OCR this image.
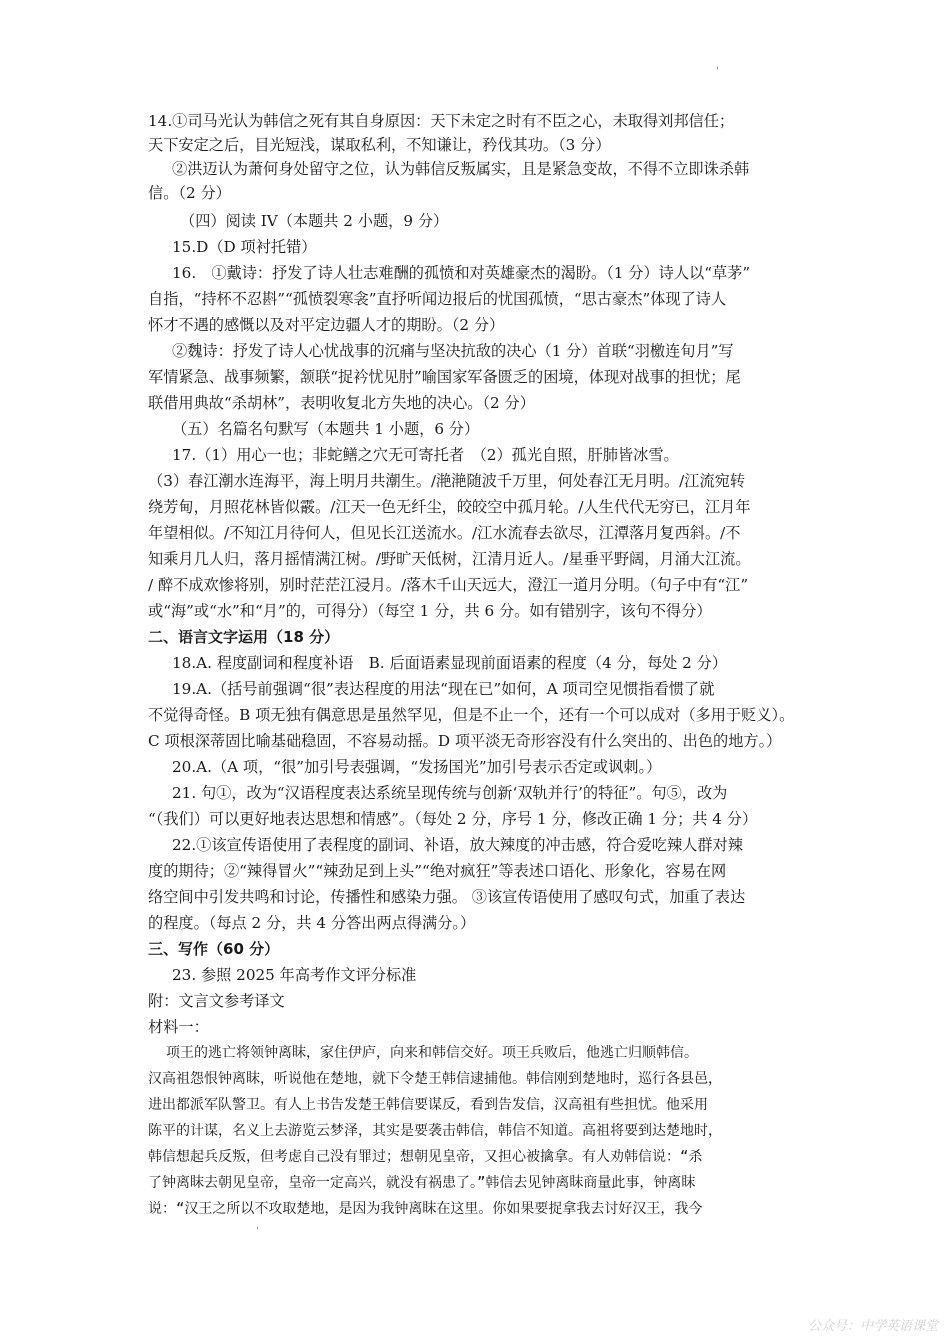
'
14.①司马光认为韩信之死有其自身原因：天下未定之时有不臣之心，未取得刘邦信任；
天下安定之后，目光短浅，谋取私利，不知谦让，矜伐其功。（3 分）
②洪迈认为萧何身处留守之位，认为韩信反叛属实，且是紧急变故，不得不立即诛杀韩
信。（2 分）
（四）阅读 IV（本题共 2 小题，9 分）
15.D（D 项衬托错）
16.　①戴诗：抒发了诗人壮志难酬的孤愤和对英雄豪杰的渴盼。（1 分）诗人以“草茅”
自指，“持杯不忍斟”“孤愤裂寒衾”直抒听闻边报后的忧国孤愤，“思古豪杰”体现了诗人
怀才不遇的感慨以及对平定边疆人才的期盼。（2 分）
②魏诗：抒发了诗人心忧战事的沉痛与坚决抗敌的决心（1 分）首联“羽檄连旬月”写
军情紧急、战事频繁，颔联“捉衿忧见肘”喻国家军备匮乏的困境，体现对战事的担忧；尾
联借用典故“杀胡林”，表明收复北方失地的决心。（2 分）
（五）名篇名句默写（本题共 1 小题，6 分）
17.（1）用心一也；非蛇鳝之穴无可寄托者　（2）孤光自照，肝肺皆冰雪。
（3）春江潮水连海平，海上明月共潮生。/滟滟随波千万里，何处春江无月明。/江流宛转
绕芳甸，月照花林皆似霰。/江天一色无纤尘，皎皎空中孤月轮。/人生代代无穷已，江月年
年望相似。/不知江月待何人，但见长江送流水。/江水流春去欲尽，江潭落月复西斜。/不
知乘月几人归，落月摇情满江树。/野旷天低树，江清月近人。/星垂平野阔，月涌大江流。
/ 醉不成欢惨将别，别时茫茫江浸月。/落木千山天远大，澄江一道月分明。（句子中有“江”
或“海”或“水”和“月”的，可得分）（每空 1 分，共 6 分。如有错别字，该句不得分）
二、语言文字运用（18 分）
18.A. 程度副词和程度补语　B. 后面语素显现前面语素的程度（4 分，每处 2 分）
19.A.（括号前强调“很”表达程度的用法“现在已”如何，A 项司空见惯指看惯了就
不觉得奇怪。B 项无独有偶意思是虽然罕见，但是不止一个，还有一个可以成对（多用于贬义）。
C 项根深蒂固比喻基础稳固，不容易动摇。D 项平淡无奇形容没有什么突出的、出色的地方。）
20.A.（A 项，“很”加引号表强调，“发扬国光”加引号表示否定或讽刺。）
21. 句①，改为“汉语程度表达系统呈现传统与创新‘双轨并行’的特征”。句⑤，改为
“（我们）可以更好地表达思想和情感”。（每处 2 分，序号 1 分，修改正确 1 分；共 4 分）
22.①该宣传语使用了表程度的副词、补语，放大辣度的冲击感，符合爱吃辣人群对辣
度的期待；②“辣得冒火”“辣劲足到上头”“绝对疯狂”等表述口语化、形象化，容易在网
络空间中引发共鸣和讨论，传播性和感染力强。 ③该宣传语使用了感叹句式，加重了表达
的程度。（每点 2 分，共 4 分答出两点得满分。）
三、写作（60 分）
23. 参照 2025 年高考作文评分标准
附：文言文参考译文
材料一：
项王的逃亡将领钟离眜，家住伊庐，向来和韩信交好。项王兵败后，他逃亡归顺韩信。
汉高祖怨恨钟离眜，听说他在楚地，就下令楚王韩信逮捕他。韩信刚到楚地时，巡行各县邑，
进出都派军队警卫。有人上书告发楚王韩信要谋反，看到告发信，汉高祖有些担忧。他采用
陈平的计谋，名义上去游览云梦泽，其实是要袭击韩信，韩信不知道。高祖将要到达楚地时，
韩信想起兵反叛，但考虑自己没有罪过；想朝见皇帝，又担心被擒拿。有人劝韩信说：“杀
了钟离眜去朝见皇帝，皇帝一定高兴，就没有祸患了。”韩信去见钟离眜商量此事，钟离眜
说：“汉王之所以不攻取楚地，是因为我钟离眜在这里。你如果要捉拿我去讨好汉王，我今
'
公众号：中学英语课堂
